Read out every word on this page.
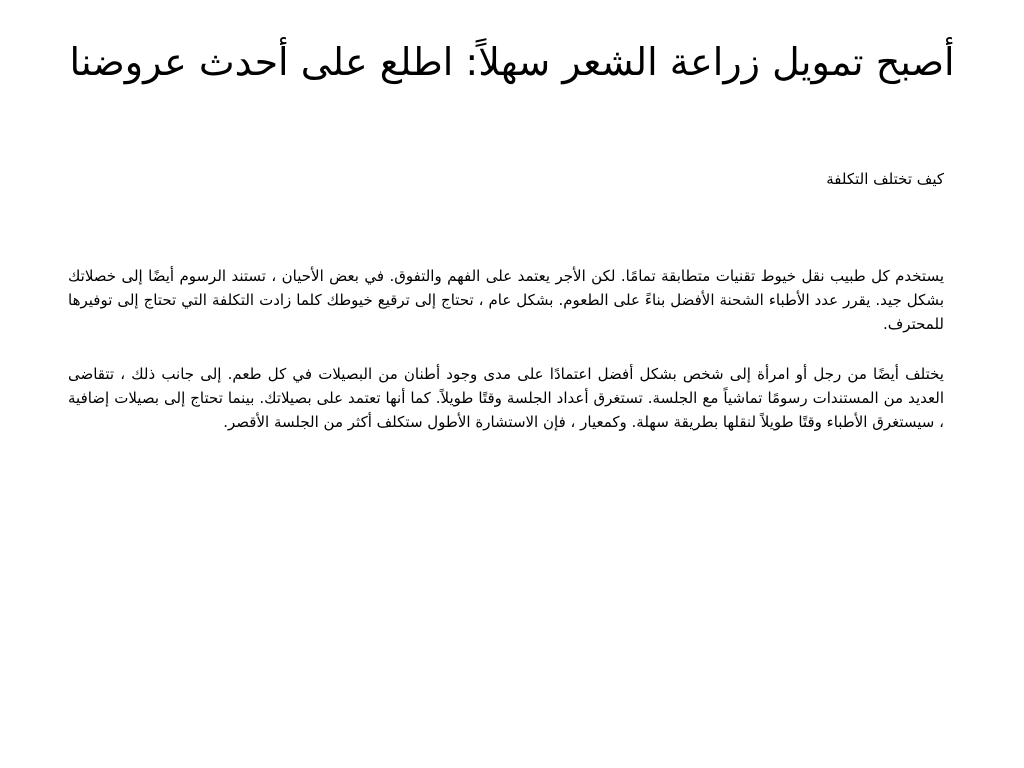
أصبح تمويل زراعة الشعر سهلاً: اطلع على أحدث عروضنا

كيف تختلف التكلفة

يستخدم كل طبيب نقل خيوط تقنيات متطابقة تمامًا. لكن الأجر يعتمد على الفهم والتفوق. في بعض الأحيان ، تستند الرسوم أيضًا إلى خصلاتك بشكل جيد. يقرر عدد الأطباء الشحنة الأفضل بناءً على الطعوم. بشكل عام ، تحتاج إلى ترقيع خيوطك كلما زادت التكلفة التي تحتاج إلى توفيرها للمحترف.

يختلف أيضًا من رجل أو امرأة إلى شخص بشكل أفضل اعتمادًا على مدى وجود أطنان من البصيلات في كل طعم. إلى جانب ذلك ، تتقاضى العديد من المستندات رسومًا تماشياً مع الجلسة. تستغرق أعداد الجلسة وقتًا طويلاً. كما أنها تعتمد على بصيلاتك. بينما تحتاج إلى بصيلات إضافية ، سيستغرق الأطباء وقتًا طويلاً لنقلها بطريقة سهلة. وكمعيار ، فإن الاستشارة الأطول ستكلف أكثر من الجلسة الأقصر.
